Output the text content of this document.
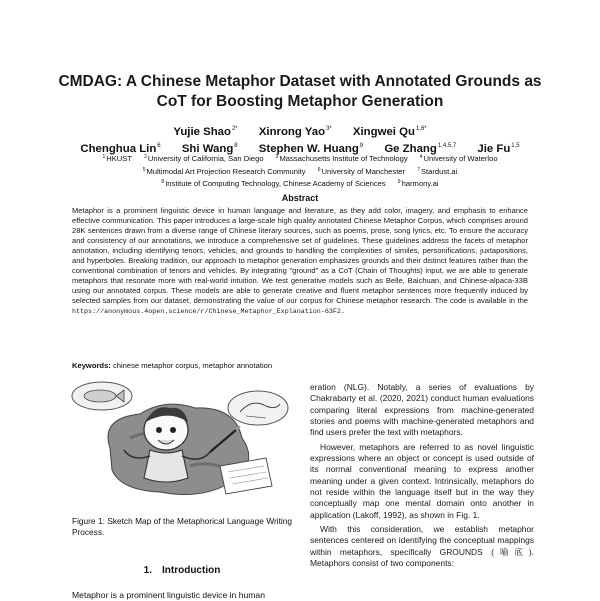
CMDAG: A Chinese Metaphor Dataset with Annotated Grounds as
CoT for Boosting Metaphor Generation
Yujie Shao$^{2*}$ Xinrong Yao$^{3*}$ Xingwei $Qu^{1,6*}$
Chenghua Lin$^6$ Shi Wang$^8$ Stephen W. Huang$^9$ Ge Zhang$^{1,4,5,7}$ Jie Fu$^{1,5}$
$^1$HKUST $^2$University of California, San Diego $^3$Massachusetts Institute of Technology $^4$University of Waterloo
$^5$Multimodal Art Projection Research Community $^6$University of Manchester $^7$Stardust.ai
$^8$Institute of Computing Technology, Chinese Academy of Sciences $^9$harmony.ai
Abstract
Metaphor is a prominent linguistic device in human language and literature, as they add color, imagery, and emphasis to enhance effective communication. This paper introduces a large-scale high quality annotated Chinese Metaphor Corpus, which comprises around 28K sentences drawn from a diverse range of Chinese literary sources, such as poems, prose, song lyrics, etc. To ensure the accuracy and consistency of our annotations, we introduce a comprehensive set of guidelines. These guidelines address the facets of metaphor annotation, including identifying tenors, vehicles, and grounds to handling the complexities of similes, personifications, juxtapositions, and hyperboles. Breaking tradition, our approach to metaphor generation emphasizes grounds and their distinct features rather than the conventional combination of tenors and vehicles. By integrating "ground" as a CoT (Chain of Thoughts) input, we are able to generate metaphors that resonate more with real-world intuition. We test generative models such as Belle, Baichuan, and Chinese-alpaca-33B using our annotated corpus. These models are able to generate creative and fluent metaphor sentences more frequently induced by selected samples from our dataset, demonstrating the value of our corpus for Chinese metaphor research. The code is available in the https://anonymous.4open.science/r/Chinese_Metaphor_Explanation-63F2.
Keywords: chinese metaphor corpus, metaphor annotation
Figure 1: Sketch Map of the Metaphorical Language Writing Process.
1. Introduction
Metaphor is a prominent linguistic device in human

eration (NLG). Notably, a series of evaluations by Chakrabarty et al. (2020, 2021) conduct human evaluations comparing literal expressions from machine-generated stories and poems with machine-generated metaphors and find users prefer the text with metaphors.

However, metaphors are referred to as novel linguistic expressions where an object or concept is used outside of its normal conventional meaning to express another meaning under a given context. Intrinsically, metaphors do not reside within the language itself but in the way they conceptually map one mental domain onto another in application (Lakoff, 1992), as shown in Fig. 1.

With this consideration, we establish metaphor sentences centered on identifying the conceptual mappings within metaphors, specifically GROUNDS (喻底). Metaphors consist of two components:
